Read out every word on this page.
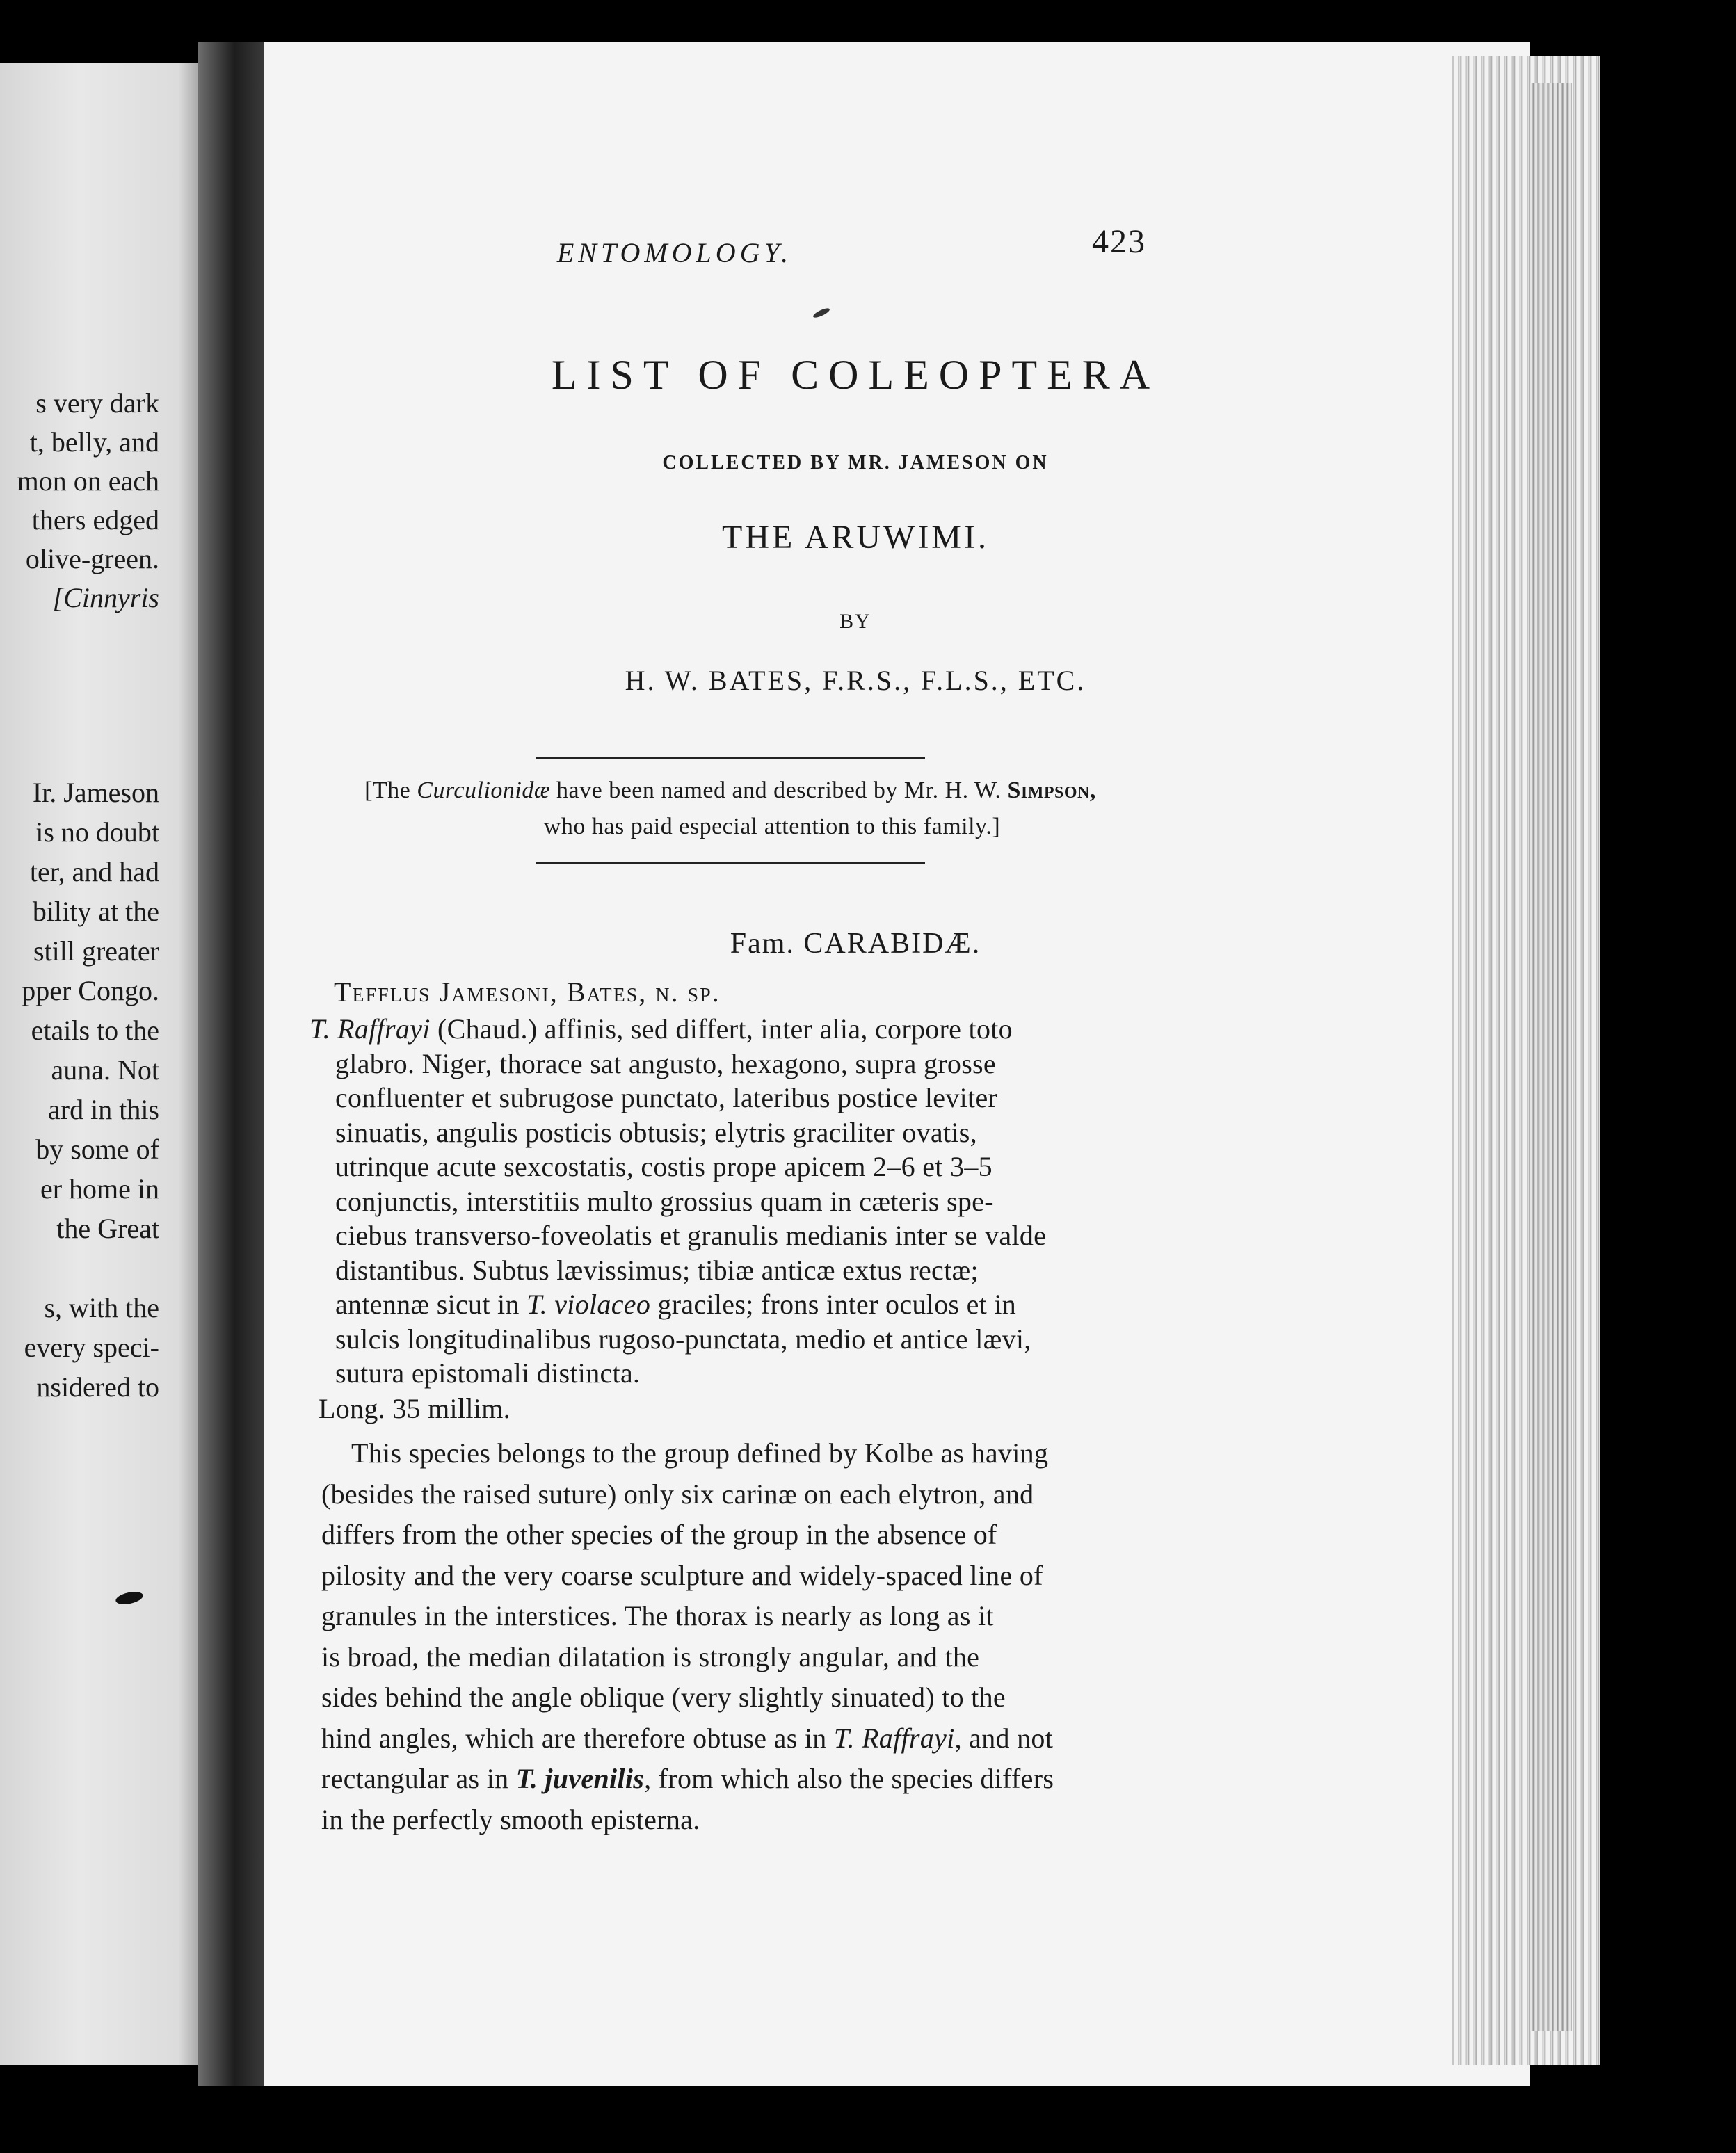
s very dark
t, belly, and
mon on each
thers edged
olive-green.
[Cinnyris
Ir. Jameson
is no doubt
ter, and had
bility at the
still greater
pper Congo.
etails to the
auna. Not
ard in this
by some of
er home in
the Great
s, with the
every speci-
nsidered to
ENTOMOLOGY.	423
LIST OF COLEOPTERA
COLLECTED BY MR. JAMESON ON
THE ARUWIMI.
BY
H. W. BATES, F.R.S., F.L.S., ETC.
[The Curculionidæ have been named and described by Mr. H. W. Simpson,
who has paid especial attention to this family.]
Fam. CARABIDÆ.
Tefflus Jamesoni, Bates, n. sp.
T. Raffrayi (Chaud.) affinis, sed differt, inter alia, corpore toto
glabro. Niger, thorace sat angusto, hexagono, supra grosse
confluenter et subrugose punctato, lateribus postice leviter
sinuatis, angulis posticis obtusis; elytris graciliter ovatis,
utrinque acute sexcostatis, costis prope apicem 2–6 et 3–5
conjunctis, interstitiis multo grossius quam in cæteris spe-
ciebus transverso-foveolatis et granulis medianis inter se valde
distantibus. Subtus lævissimus; tibiæ anticæ extus rectæ;
antennæ sicut in T. violaceo graciles; frons inter oculos et in
sulcis longitudinalibus rugoso-punctata, medio et antice lævi,
sutura epistomali distincta.
Long. 35 millim.
This species belongs to the group defined by Kolbe as having
(besides the raised suture) only six carinæ on each elytron, and
differs from the other species of the group in the absence of
pilosity and the very coarse sculpture and widely-spaced line of
granules in the interstices. The thorax is nearly as long as it
is broad, the median dilatation is strongly angular, and the
sides behind the angle oblique (very slightly sinuated) to the
hind angles, which are therefore obtuse as in T. Raffrayi, and not
rectangular as in T. juvenilis, from which also the species differs
in the perfectly smooth episterna.
